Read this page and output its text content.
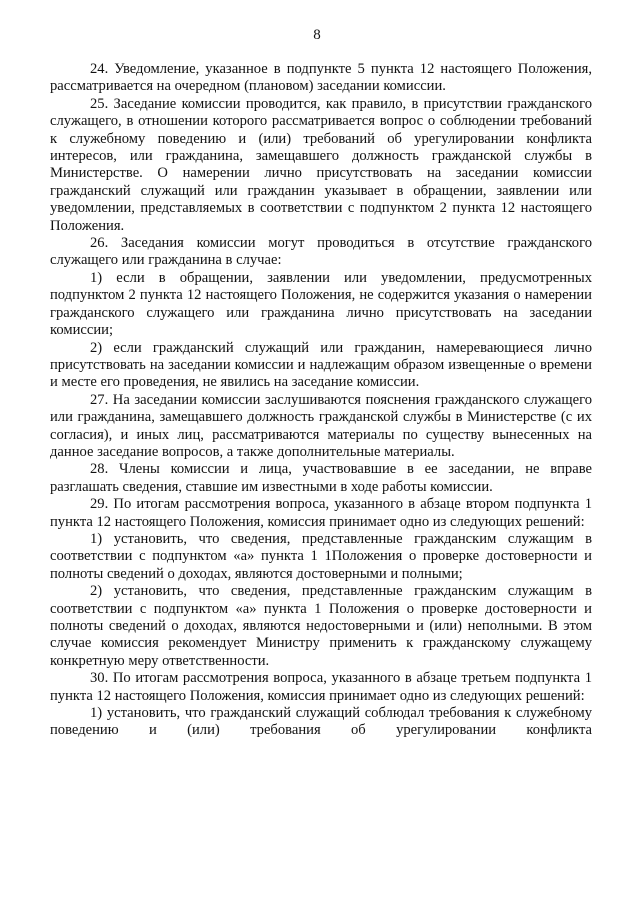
8

24. Уведомление, указанное в подпункте 5 пункта 12 настоящего Положения, рассматривается на очередном (плановом) заседании комиссии.

25. Заседание комиссии проводится, как правило, в присутствии гражданского служащего, в отношении которого рассматривается вопрос о соблюдении требований к служебному поведению и (или) требований об урегулировании конфликта интересов, или гражданина, замещавшего должность гражданской службы в Министерстве. О намерении лично присутствовать на заседании комиссии гражданский служащий или гражданин указывает в обращении, заявлении или уведомлении, представляемых в соответствии с подпунктом 2 пункта 12 настоящего Положения.

26. Заседания комиссии могут проводиться в отсутствие гражданского служащего или гражданина в случае:

1) если в обращении, заявлении или уведомлении, предусмотренных подпунктом 2 пункта 12 настоящего Положения, не содержится указания о намерении гражданского служащего или гражданина лично присутствовать на заседании комиссии;

2) если гражданский служащий или гражданин, намеревающиеся лично присутствовать на заседании комиссии и надлежащим образом извещенные о времени и месте его проведения, не явились на заседание комиссии.

27. На заседании комиссии заслушиваются пояснения гражданского служащего или гражданина, замещавшего должность гражданской службы в Министерстве (с их согласия), и иных лиц, рассматриваются материалы по существу вынесенных на данное заседание вопросов, а также дополнительные материалы.

28. Члены комиссии и лица, участвовавшие в ее заседании, не вправе разглашать сведения, ставшие им известными в ходе работы комиссии.

29. По итогам рассмотрения вопроса, указанного в абзаце втором подпункта 1 пункта 12 настоящего Положения, комиссия принимает одно из следующих решений:

1) установить, что сведения, представленные гражданским служащим в соответствии с подпунктом «а» пункта 1 1Положения о проверке достоверности и полноты сведений о доходах, являются достоверными и полными;

2) установить, что сведения, представленные гражданским служащим в соответствии с подпунктом «а» пункта 1 Положения о проверке достоверности и полноты сведений о доходах, являются недостоверными и (или) неполными. В этом случае комиссия рекомендует Министру применить к гражданскому служащему конкретную меру ответственности.

30. По итогам рассмотрения вопроса, указанного в абзаце третьем подпункта 1 пункта 12 настоящего Положения, комиссия принимает одно из следующих решений:

1) установить, что гражданский служащий соблюдал требования к служебному поведению и (или) требования об урегулировании конфликта
